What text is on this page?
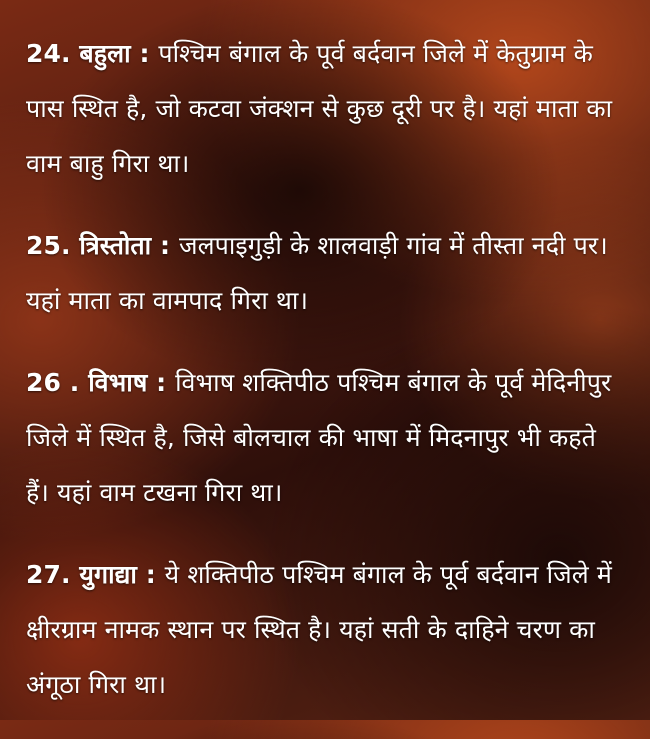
24. बहुला : पश्चिम बंगाल के पूर्व बर्दवान जिले में केतुग्राम के पास स्थित है, जो कटवा जंक्शन से कुछ दूरी पर है। यहां माता का वाम बाहु गिरा था।

25. त्रिस्तोता : जलपाइगुड़ी के शालवाड़ी गांव में तीस्ता नदी पर। यहां माता का वामपाद गिरा था।

26 . विभाष : विभाष शक्तिपीठ पश्चिम बंगाल के पूर्व मेदिनीपुर जिले में स्थित है, जिसे बोलचाल की भाषा में मिदनापुर भी कहते हैं। यहां वाम टखना गिरा था।

27. युगाद्या : ये शक्तिपीठ पश्चिम बंगाल के पूर्व बर्दवान जिले में क्षीरग्राम नामक स्थान पर स्थित है। यहां सती के दाहिने चरण का अंगूठा गिरा था।
